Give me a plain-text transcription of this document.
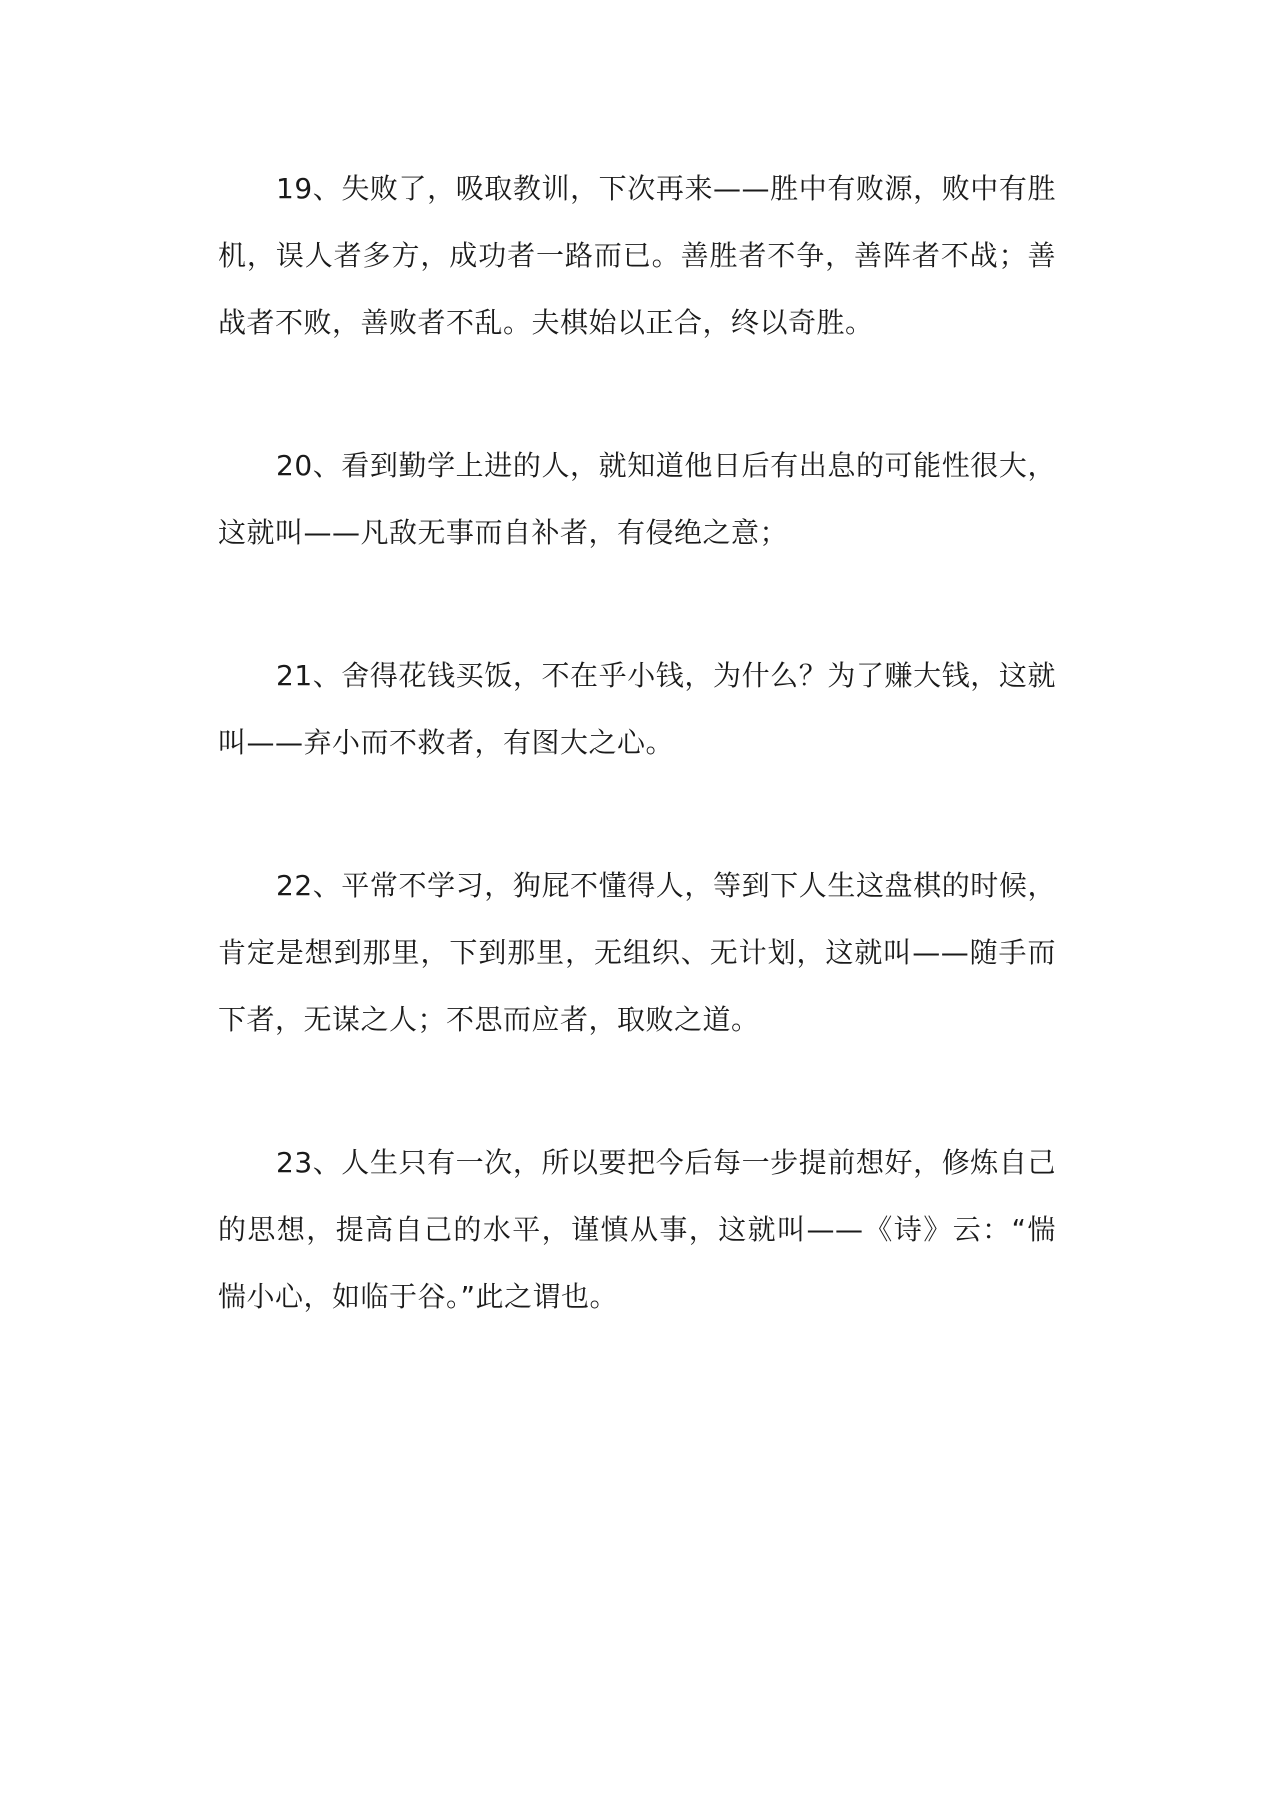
19、失败了，吸取教训，下次再来——胜中有败源，败中有胜机，误人者多方，成功者一路而已。善胜者不争，善阵者不战；善战者不败，善败者不乱。夫棋始以正合，终以奇胜。

20、看到勤学上进的人，就知道他日后有出息的可能性很大，这就叫——凡敌无事而自补者，有侵绝之意；

21、舍得花钱买饭，不在乎小钱，为什么？为了赚大钱，这就叫——弃小而不救者，有图大之心。

22、平常不学习，狗屁不懂得人，等到下人生这盘棋的时候，肯定是想到那里，下到那里，无组织、无计划，这就叫——随手而下者，无谋之人；不思而应者，取败之道。

23、人生只有一次，所以要把今后每一步提前想好，修炼自己的思想，提高自己的水平，谨慎从事，这就叫——《诗》云：“惴惴小心，如临于谷。”此之谓也。
